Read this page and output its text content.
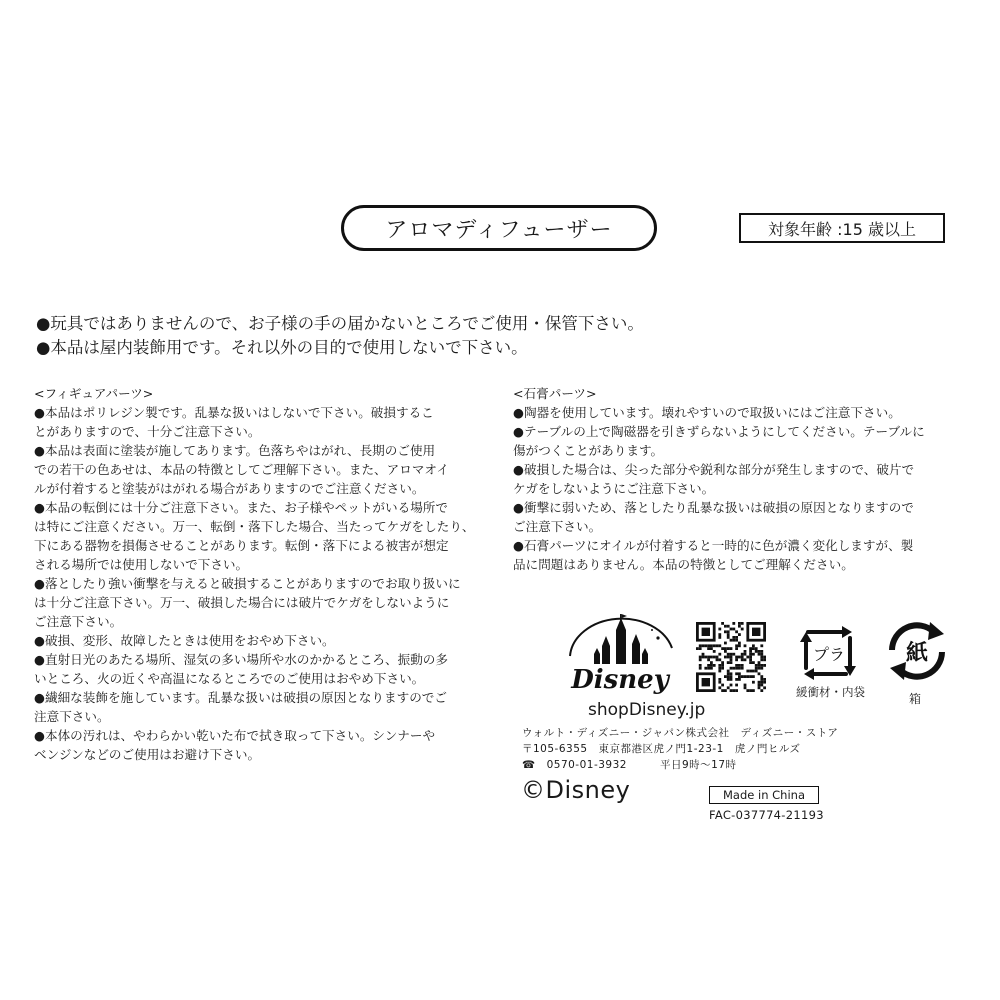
アロマディフューザー	対象年齢 :15 歳以上
●玩具ではありませんので、お子様の手の届かないところでご使用・保管下さい。
●本品は屋内装飾用です。それ以外の目的で使用しないで下さい。
<フィギュアパーツ>
●本品はポリレジン製です。乱暴な扱いはしないで下さい。破損するこ
とがありますので、十分ご注意下さい。
●本品は表面に塗装が施してあります。色落ちやはがれ、長期のご使用
での若干の色あせは、本品の特徴としてご理解下さい。また、アロマオイ
ルが付着すると塗装がはがれる場合がありますのでご注意ください。
●本品の転倒には十分ご注意下さい。また、お子様やペットがいる場所で
は特にご注意ください。万一、転倒・落下した場合、当たってケガをしたり、
下にある器物を損傷させることがあります。転倒・落下による被害が想定
される場所では使用しないで下さい。
●落としたり強い衝撃を与えると破損することがありますのでお取り扱いに
は十分ご注意下さい。万一、破損した場合には破片でケガをしないように
ご注意下さい。
●破損、変形、故障したときは使用をおやめ下さい。
●直射日光のあたる場所、湿気の多い場所や水のかかるところ、振動の多
いところ、火の近くや高温になるところでのご使用はおやめ下さい。
●繊細な装飾を施しています。乱暴な扱いは破損の原因となりますのでご
注意下さい。
●本体の汚れは、やわらかい乾いた布で拭き取って下さい。シンナーや
ベンジンなどのご使用はお避け下さい。
<石膏パーツ>
●陶器を使用しています。壊れやすいので取扱いにはご注意下さい。
●テーブルの上で陶磁器を引きずらないようにしてください。テーブルに
傷がつくことがあります。
●破損した場合は、尖った部分や鋭利な部分が発生しますので、破片で
ケガをしないようにご注意下さい。
●衝撃に弱いため、落としたり乱暴な扱いは破損の原因となりますので
ご注意下さい。
●石膏パーツにオイルが付着すると一時的に色が濃く変化しますが、製
品に問題はありません。本品の特徴としてご理解ください。
Disney
プラ
緩衝材・内袋
紙
箱
shopDisney.jp
ウォルト・ディズニー・ジャパン株式会社　ディズニー・ストア
〒105-6355　東京都港区虎ノ門1-23-1　虎ノ門ヒルズ
☎　0570-01-3932　　　平日9時～17時
©Disney	Made in China
FAC-037774-21193
